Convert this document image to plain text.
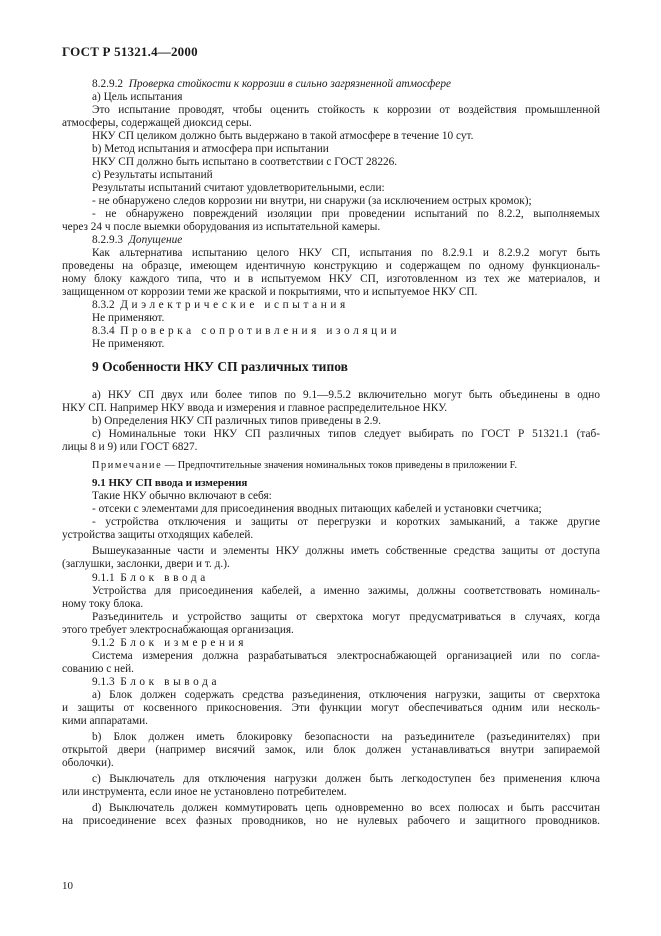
ГОСТ Р 51321.4—2000
8.2.9.2 Проверка стойкости к коррозии в сильно загрязненной атмосфере
а) Цель испытания
Это испытание проводят, чтобы оценить стойкость к коррозии от воздействия промышленной
атмосферы, содержащей диоксид серы.
НКУ СП целиком должно быть выдержано в такой атмосфере в течение 10 сут.
b) Метод испытания и атмосфера при испытании
НКУ СП должно быть испытано в соответствии с ГОСТ 28226.
с) Результаты испытаний
Результаты испытаний считают удовлетворительными, если:
- не обнаружено следов коррозии ни внутри, ни снаружи (за исключением острых кромок);
- не обнаружено повреждений изоляции при проведении испытаний по 8.2.2, выполняемых
через 24 ч после выемки оборудования из испытательной камеры.
8.2.9.3 Допущение
Как альтернатива испытанию целого НКУ СП, испытания по 8.2.9.1 и 8.2.9.2 могут быть
проведены на образце, имеющем идентичную конструкцию и содержащем по одному функциональ-
ному блоку каждого типа, что и в испытуемом НКУ СП, изготовленном из тех же материалов, и
защищенном от коррозии теми же краской и покрытиями, что и испытуемое НКУ СП.
8.3.2 Диэлектрические испытания
Не применяют.
8.3.4 Проверка сопротивления изоляции
Не применяют.
9 Особенности НКУ СП различных типов
а) НКУ СП двух или более типов по 9.1—9.5.2 включительно могут быть объединены в одно
НКУ СП. Например НКУ ввода и измерения и главное распределительное НКУ.
b) Определения НКУ СП различных типов приведены в 2.9.
с) Номинальные токи НКУ СП различных типов следует выбирать по ГОСТ Р 51321.1 (таб-
лицы 8 и 9) или ГОСТ 6827.
Примечание — Предпочтительные значения номинальных токов приведены в приложении F.
9.1 НКУ СП ввода и измерения
Такие НКУ обычно включают в себя:
- отсеки с элементами для присоединения вводных питающих кабелей и установки счетчика;
- устройства отключения и защиты от перегрузки и коротких замыканий, а также другие
устройства защиты отходящих кабелей.
Вышеуказанные части и элементы НКУ должны иметь собственные средства защиты от доступа
(заглушки, заслонки, двери и т. д.).
9.1.1 Блок ввода
Устройства для присоединения кабелей, а именно зажимы, должны соответствовать номиналь-
ному току блока.
Разъединитель и устройство защиты от сверхтока могут предусматриваться в случаях, когда
этого требует электроснабжающая организация.
9.1.2 Блок измерения
Система измерения должна разрабатываться электроснабжающей организацией или по согла-
сованию с ней.
9.1.3 Блок вывода
а) Блок должен содержать средства разъединения, отключения нагрузки, защиты от сверхтока
и защиты от косвенного прикосновения. Эти функции могут обеспечиваться одним или несколь-
кими аппаратами.
b) Блок должен иметь блокировку безопасности на разъединителе (разъединителях) при
открытой двери (например висячий замок, или блок должен устанавливаться внутри запираемой
оболочки).
с) Выключатель для отключения нагрузки должен быть легкодоступен без применения ключа
или инструмента, если иное не установлено потребителем.
d) Выключатель должен коммутировать цепь одновременно во всех полюсах и быть рассчитан
на присоединение всех фазных проводников, но не нулевых рабочего и защитного проводников.
10
